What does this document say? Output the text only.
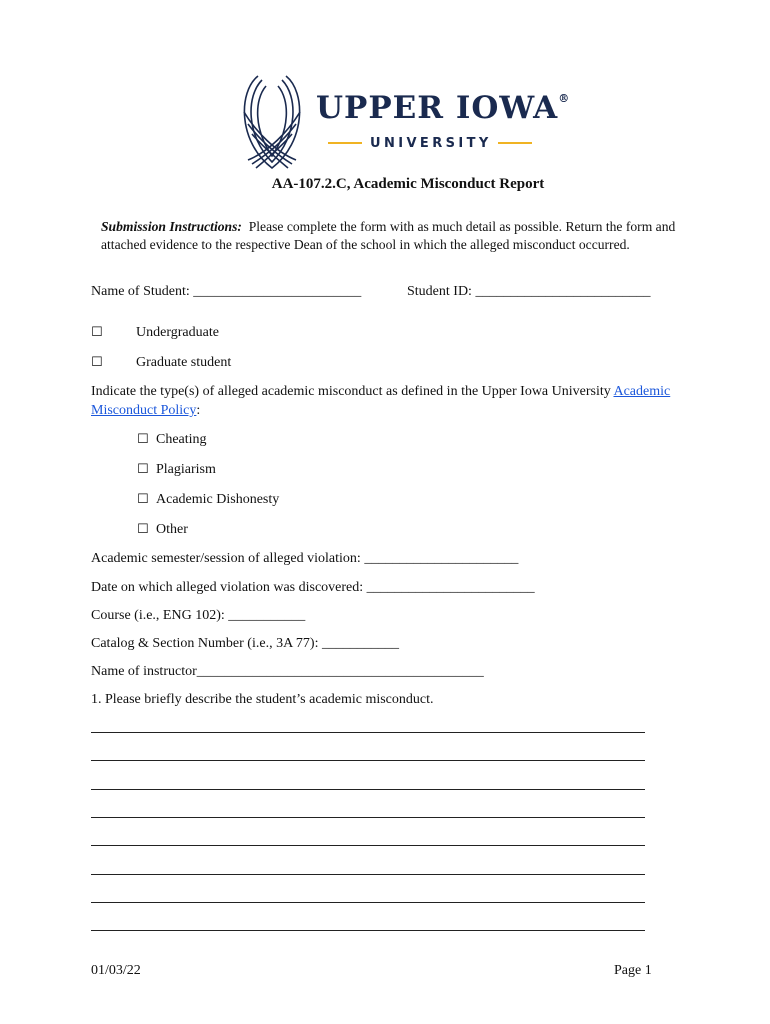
UPPER IOWA®
UNIVERSITY
AA-107.2.C, Academic Misconduct Report
Submission Instructions: Please complete the form with as much detail as possible. Return the form and attached evidence to the respective Dean of the school in which the alleged misconduct occurred.
Name of Student: ________________________	Student ID: _________________________
☐ Undergraduate
☐ Graduate student
Indicate the type(s) of alleged academic misconduct as defined in the Upper Iowa University Academic
Misconduct Policy:
☐ Cheating
☐ Plagiarism
☐ Academic Dishonesty
☐ Other
Academic semester/session of alleged violation: ______________________
Date on which alleged violation was discovered: ________________________
Course (i.e., ENG 102): ___________
Catalog & Section Number (i.e., 3A 77): ___________
Name of instructor_________________________________________
1. Please briefly describe the student’s academic misconduct.
01/03/22	Page 1
